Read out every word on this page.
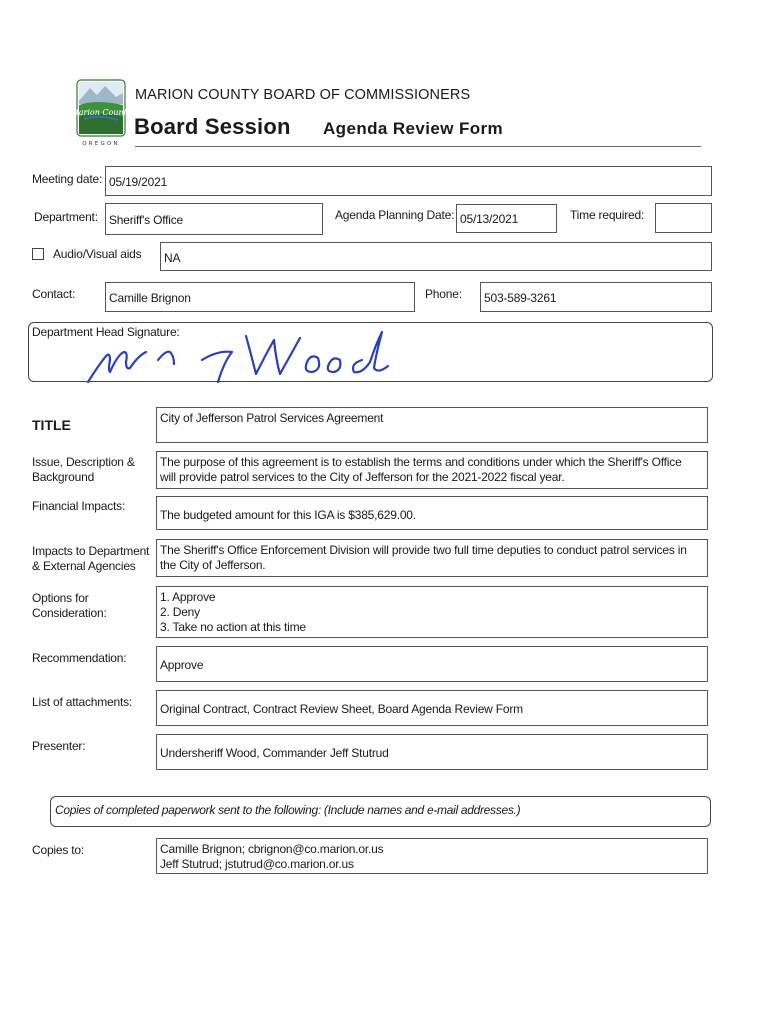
Marion County
OREGON
MARION COUNTY BOARD OF COMMISSIONERS
Board Session Agenda Review Form
Meeting date: 05/19/2021
Department: Sheriff's Office	Agenda Planning Date: 05/13/2021	Time required:
Audio/Visual aids NA
Contact:	Camille Brignon	Phone: 503-589-3261
Department Head Signature:
TITLE	City of Jefferson Patrol Services Agreement
Issue, Description &
Background
The purpose of this agreement is to establish the terms and conditions under which the Sheriff's Office
will provide patrol services to the City of Jefferson for the 2021-2022 fiscal year.
Financial Impacts:
The budgeted amount for this IGA is $385,629.00.
Impacts to Department
& External Agencies
The Sheriff's Office Enforcement Division will provide two full time deputies to conduct patrol services in
the City of Jefferson.
Options for
Consideration:
1. Approve
2. Deny
3. Take no action at this time
Recommendation:	Approve
List of attachments: Original Contract, Contract Review Sheet, Board Agenda Review Form
Presenter:	Undersheriff Wood, Commander Jeff Stutrud
Copies of completed paperwork sent to the following: (Include names and e-mail addresses.)
Copies to:	Camille Brignon; cbrignon@co.marion.or.us
Jeff Stutrud; jstutrud@co.marion.or.us
